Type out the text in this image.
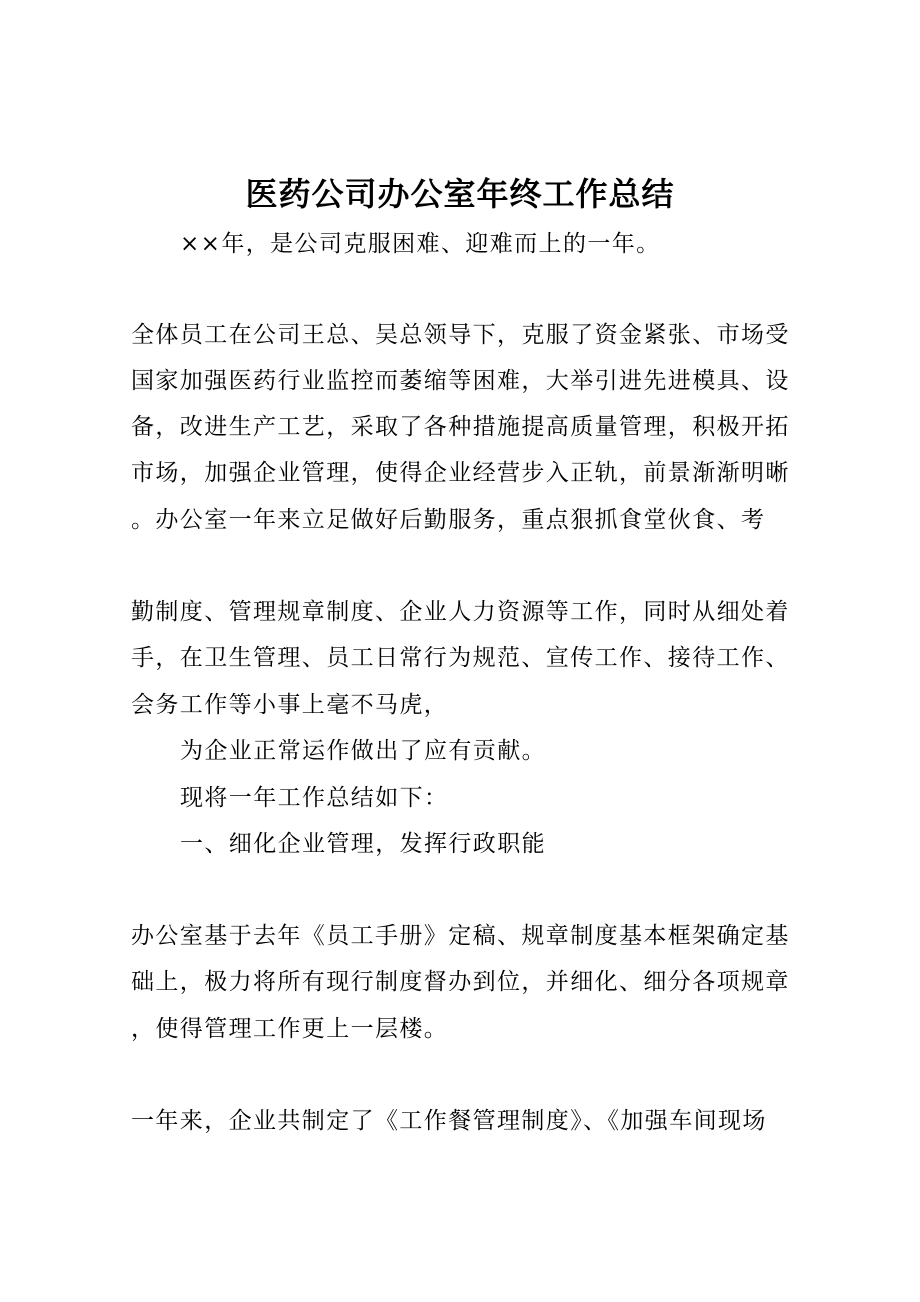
医药公司办公室年终工作总结
××年，是公司克服困难、迎难而上的一年。
全体员工在公司王总、吴总领导下，克服了资金紧张、市场受
国家加强医药行业监控而萎缩等困难，大举引进先进模具、设
备，改进生产工艺，采取了各种措施提高质量管理，积极开拓
市场，加强企业管理，使得企业经营步入正轨，前景渐渐明晰
。办公室一年来立足做好后勤服务，重点狠抓食堂伙食、考
勤制度、管理规章制度、企业人力资源等工作，同时从细处着
手，在卫生管理、员工日常行为规范、宣传工作、接待工作、
会务工作等小事上毫不马虎，
为企业正常运作做出了应有贡献。
现将一年工作总结如下：
一、细化企业管理，发挥行政职能
办公室基于去年《员工手册》定稿、规章制度基本框架确定基
础上，极力将所有现行制度督办到位，并细化、细分各项规章
，使得管理工作更上一层楼。
一年来，企业共制定了《工作餐管理制度》、《加强车间现场
